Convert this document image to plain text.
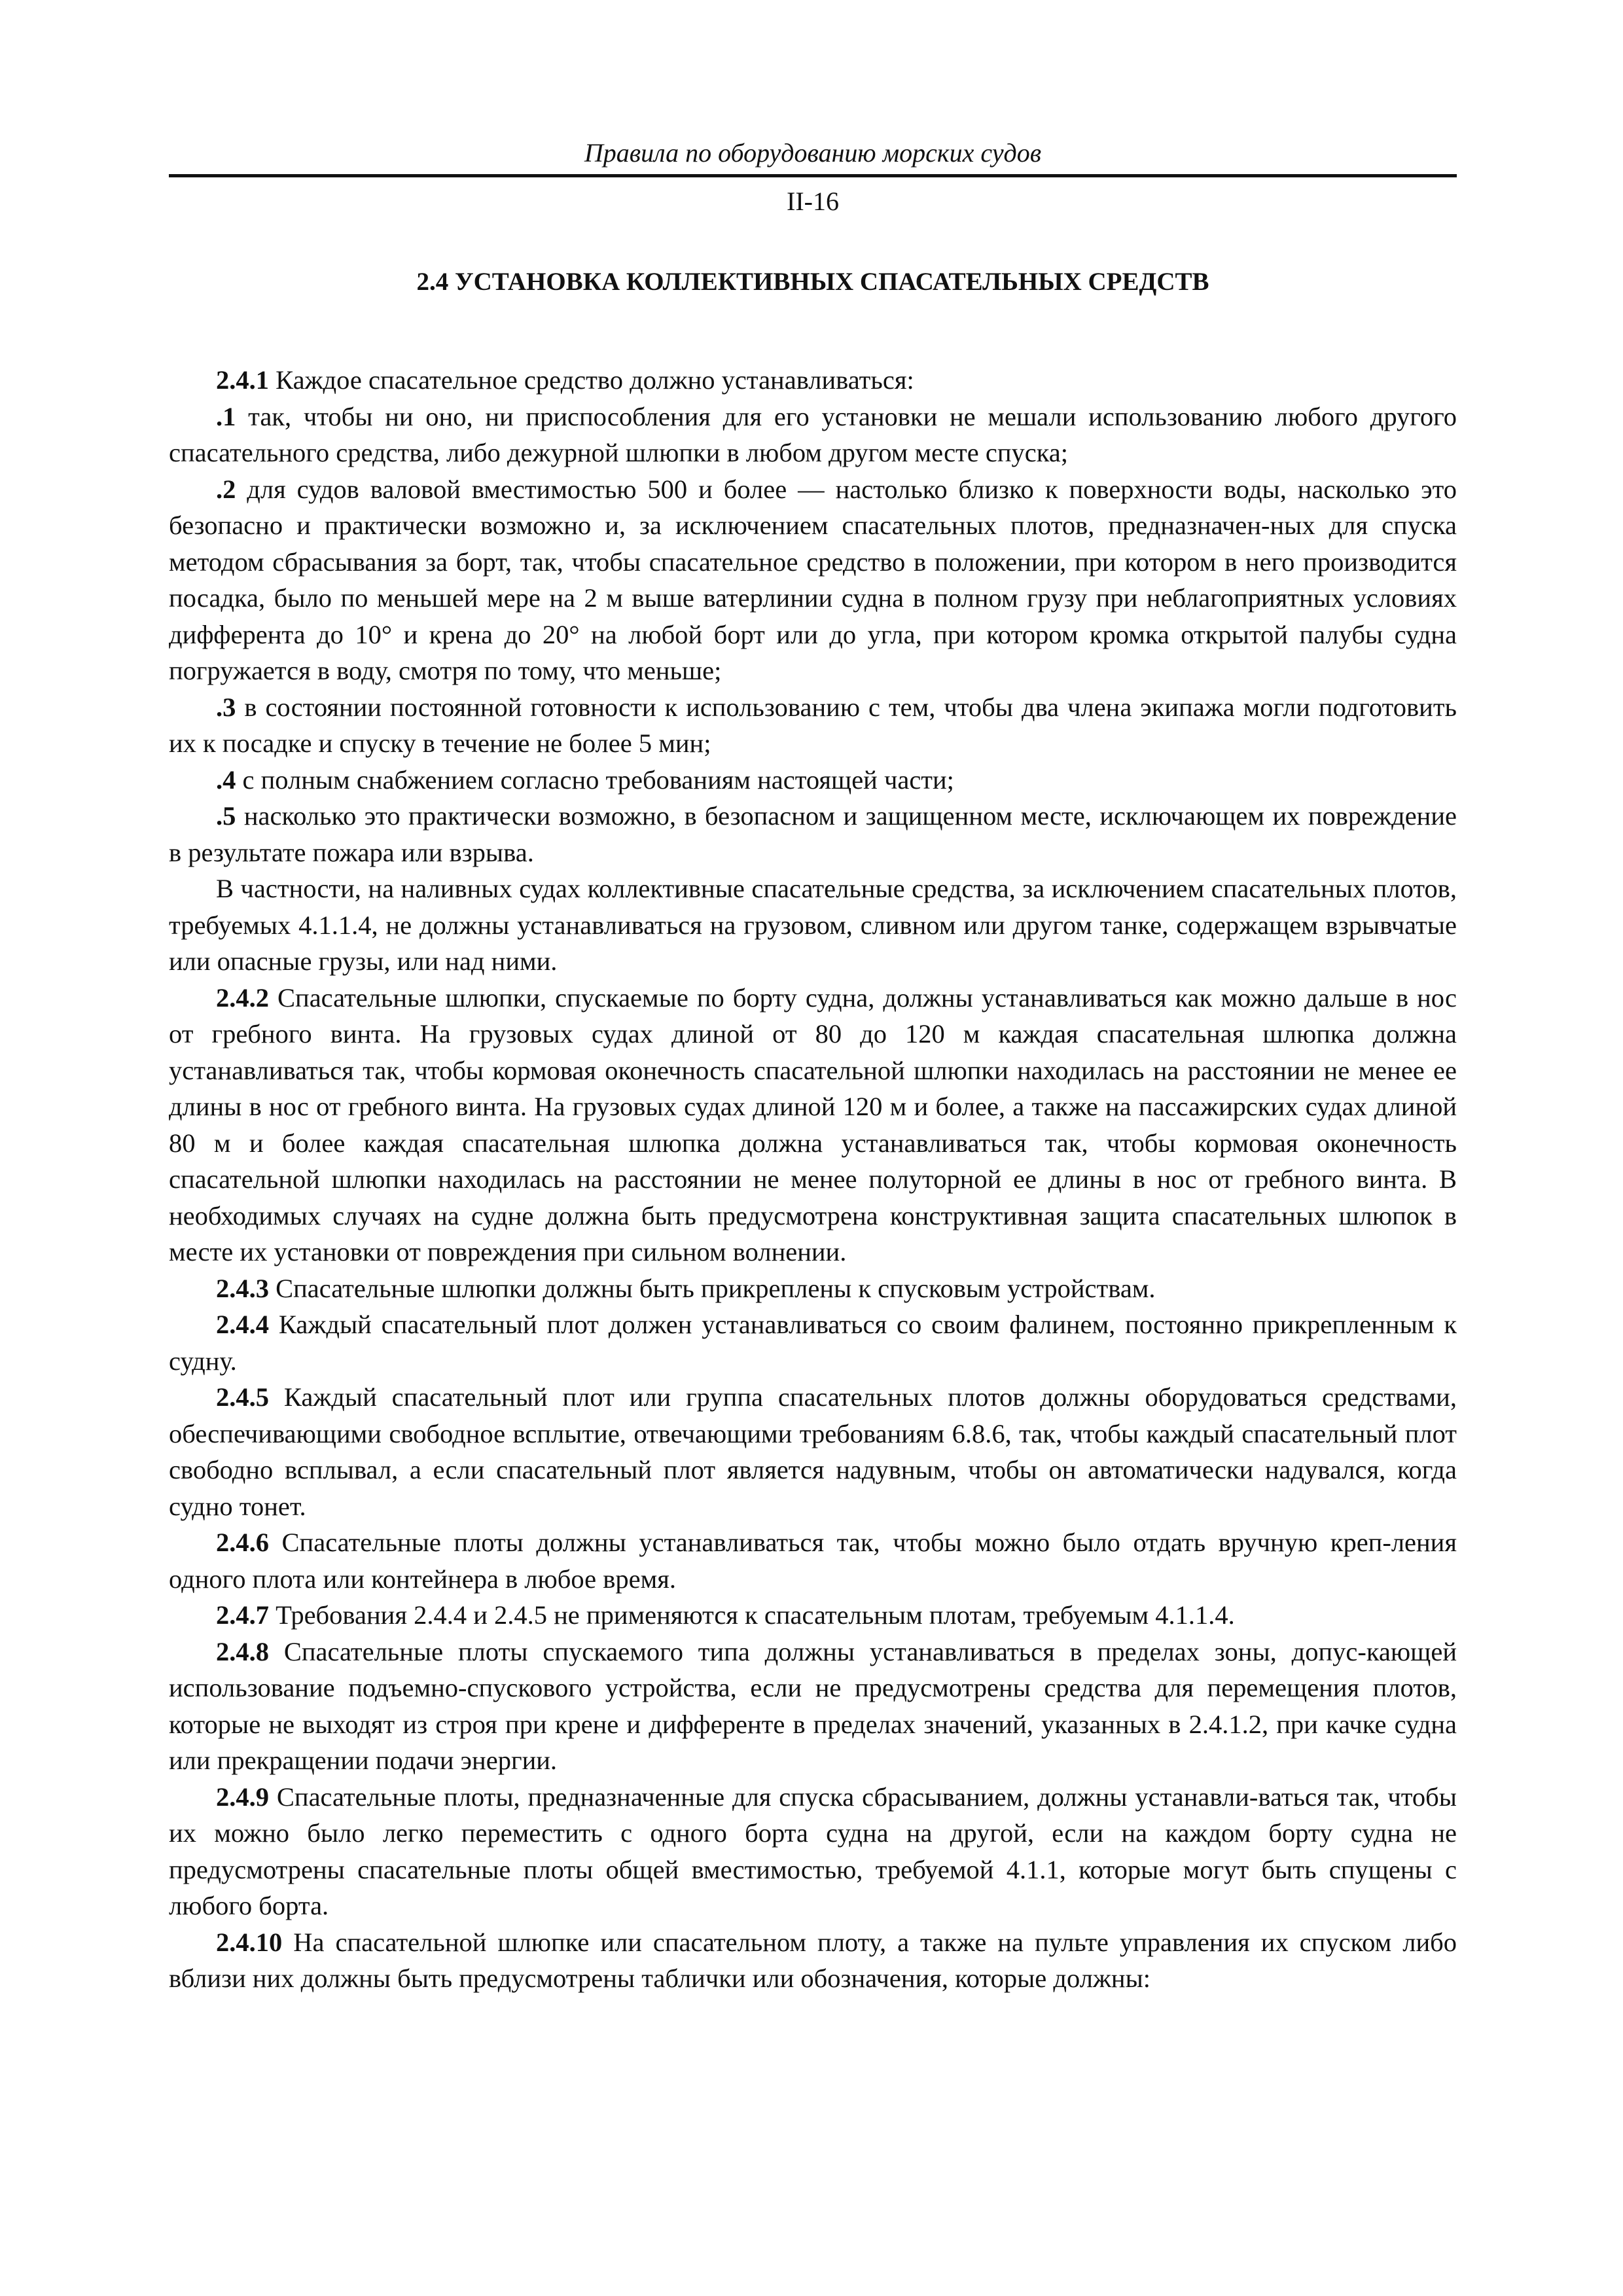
Правила по оборудованию морских судов
II-16
2.4 УСТАНОВКА КОЛЛЕКТИВНЫХ СПАСАТЕЛЬНЫХ СРЕДСТВ

2.4.1 Каждое спасательное средство должно устанавливаться:

.1 так, чтобы ни оно, ни приспособления для его установки не мешали использованию любого другого спасательного средства, либо дежурной шлюпки в любом другом месте спуска;

.2 для судов валовой вместимостью 500 и более — настолько близко к поверхности воды, насколько это безопасно и практически возможно и, за исключением спасательных плотов, предназначен-ных для спуска методом сбрасывания за борт, так, чтобы спасательное средство в положении, при котором в него производится посадка, было по меньшей мере на 2 м выше ватерлинии судна в полном грузу при неблагоприятных условиях дифферента до 10° и крена до 20° на любой борт или до угла, при котором кромка открытой палубы судна погружается в воду, смотря по тому, что меньше;

.3 в состоянии постоянной готовности к использованию с тем, чтобы два члена экипажа могли подготовить их к посадке и спуску в течение не более 5 мин;

.4 с полным снабжением согласно требованиям настоящей части;

.5 насколько это практически возможно, в безопасном и защищенном месте, исключающем их повреждение в результате пожара или взрыва.

В частности, на наливных судах коллективные спасательные средства, за исключением спасательных плотов, требуемых 4.1.1.4, не должны устанавливаться на грузовом, сливном или другом танке, содержащем взрывчатые или опасные грузы, или над ними.

2.4.2 Спасательные шлюпки, спускаемые по борту судна, должны устанавливаться как можно дальше в нос от гребного винта. На грузовых судах длиной от 80 до 120 м каждая спасательная шлюпка должна устанавливаться так, чтобы кормовая оконечность спасательной шлюпки находилась на расстоянии не менее ее длины в нос от гребного винта. На грузовых судах длиной 120 м и более, а также на пассажирских судах длиной 80 м и более каждая спасательная шлюпка должна устанавливаться так, чтобы кормовая оконечность спасательной шлюпки находилась на расстоянии не менее полуторной ее длины в нос от гребного винта. В необходимых случаях на судне должна быть предусмотрена конструктивная защита спасательных шлюпок в месте их установки от повреждения при сильном волнении.

2.4.3 Спасательные шлюпки должны быть прикреплены к спусковым устройствам.

2.4.4 Каждый спасательный плот должен устанавливаться со своим фалинем, постоянно прикрепленным к судну.

2.4.5 Каждый спасательный плот или группа спасательных плотов должны оборудоваться средствами, обеспечивающими свободное всплытие, отвечающими требованиям 6.8.6, так, чтобы каждый спасательный плот свободно всплывал, а если спасательный плот является надувным, чтобы он автоматически надувался, когда судно тонет.

2.4.6 Спасательные плоты должны устанавливаться так, чтобы можно было отдать вручную креп-ления одного плота или контейнера в любое время.

2.4.7 Требования 2.4.4 и 2.4.5 не применяются к спасательным плотам, требуемым 4.1.1.4.

2.4.8 Спасательные плоты спускаемого типа должны устанавливаться в пределах зоны, допус-кающей использование подъемно-спускового устройства, если не предусмотрены средства для перемещения плотов, которые не выходят из строя при крене и дифференте в пределах значений, указанных в 2.4.1.2, при качке судна или прекращении подачи энергии.

2.4.9 Спасательные плоты, предназначенные для спуска сбрасыванием, должны устанавли-ваться так, чтобы их можно было легко переместить с одного борта судна на другой, если на каждом борту судна не предусмотрены спасательные плоты общей вместимостью, требуемой 4.1.1, которые могут быть спущены с любого борта.

2.4.10 На спасательной шлюпке или спасательном плоту, а также на пульте управления их спуском либо вблизи них должны быть предусмотрены таблички или обозначения, которые должны:
